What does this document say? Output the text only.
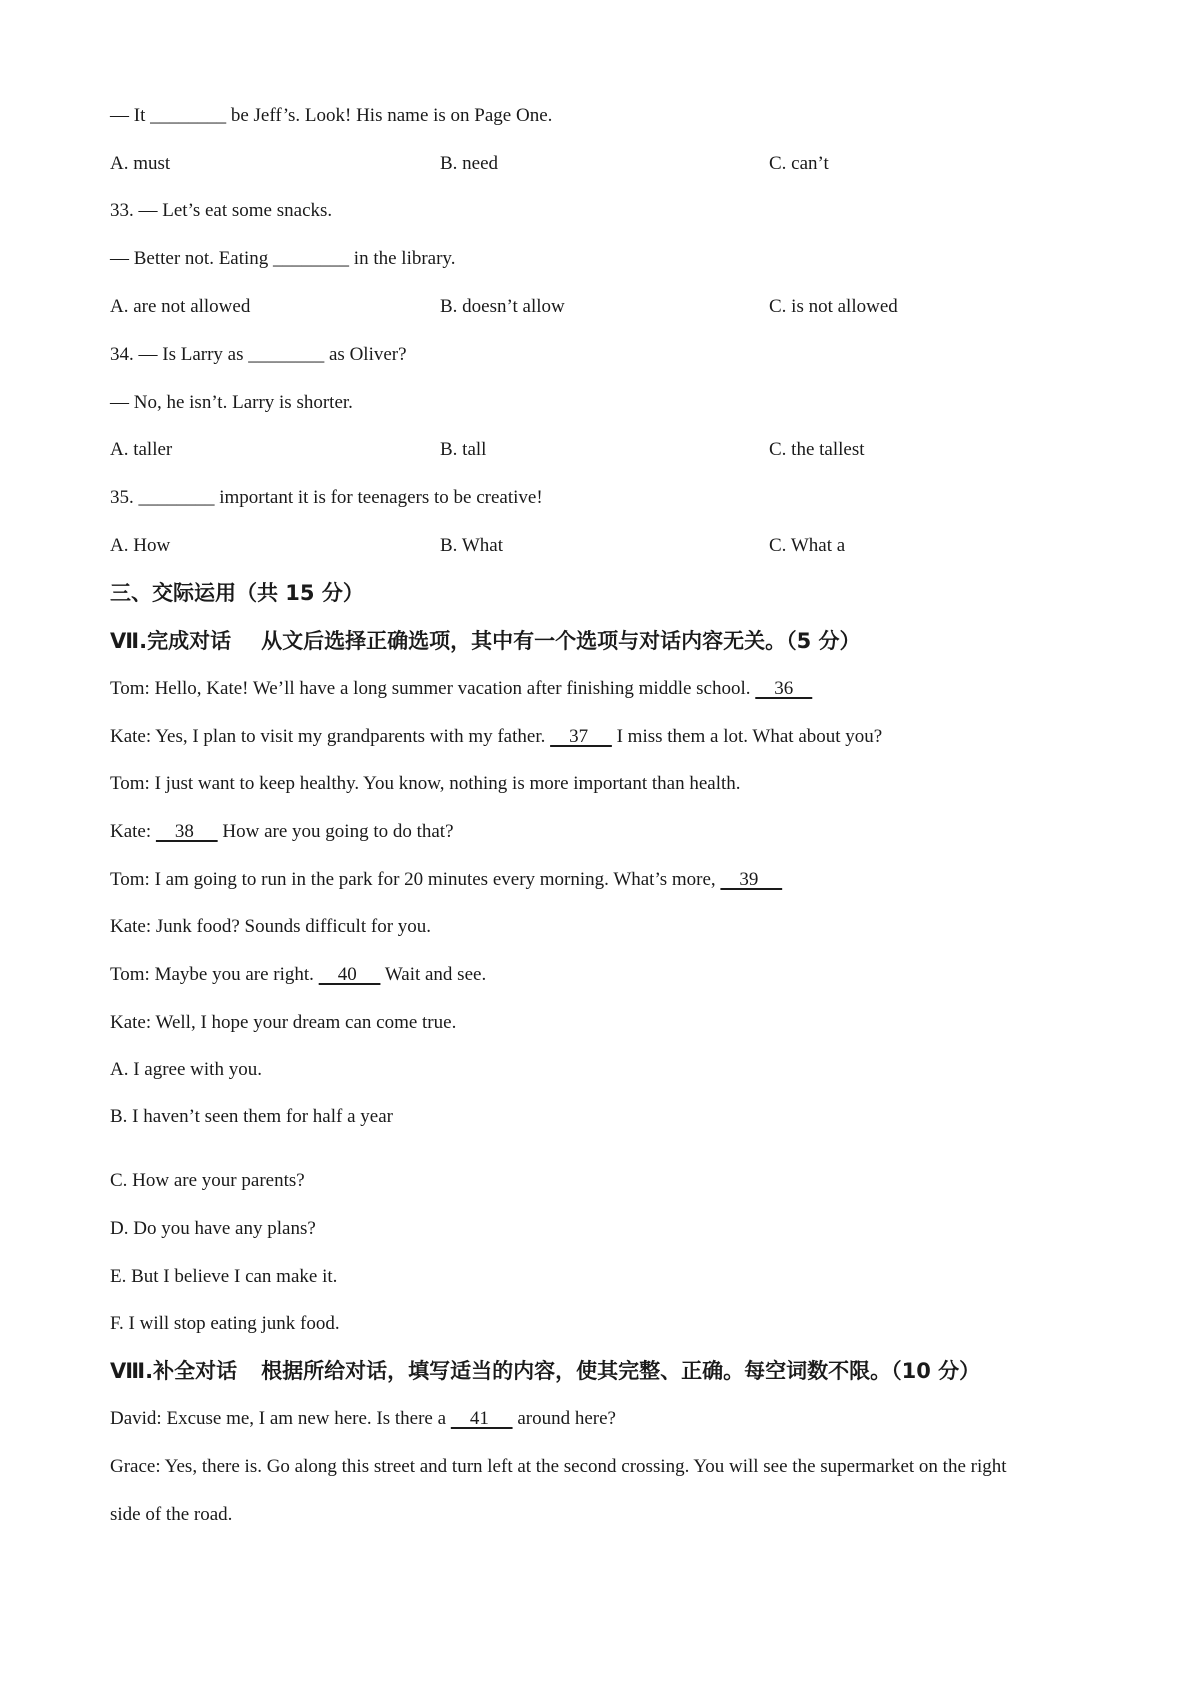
— It ________ be Jeff’s. Look! His name is on Page One.
A. must	B. need	C. can’t
33. — Let’s eat some snacks.
— Better not. Eating ________ in the library.
A. are not allowed	B. doesn’t allow	C. is not allowed
34. — Is Larry as ________ as Oliver?
— No, he isn’t. Larry is shorter.
A. taller	B. tall	C. the tallest
35. ________ important it is for teenagers to be creative!
A. How	B. What	C. What a
三、交际运用（共 15 分）
Ⅶ.完成对话 从文后选择正确选项，其中有一个选项与对话内容无关。（5 分）
Tom: Hello, Kate! We’ll have a long summer vacation after finishing middle school.     36
Kate: Yes, I plan to visit my grandparents with my father.     37      I miss them a lot. What about you?
Tom: I just want to keep healthy. You know, nothing is more important than health.
Kate:     38      How are you going to do that?
Tom: I am going to run in the park for 20 minutes every morning. What’s more,     39
Kate: Junk food? Sounds difficult for you.
Tom: Maybe you are right.     40      Wait and see.
Kate: Well, I hope your dream can come true.
A. I agree with you.
B. I haven’t seen them for half a year
C. How are your parents?
D. Do you have any plans?
E. But I believe I can make it.
F. I will stop eating junk food.
Ⅷ.补全对话 根据所给对话，填写适当的内容，使其完整、正确。每空词数不限。（10 分）
David: Excuse me, I am new here. Is there a     41      around here?
Grace: Yes, there is. Go along this street and turn left at the second crossing. You will see the supermarket on the right
side of the road.
